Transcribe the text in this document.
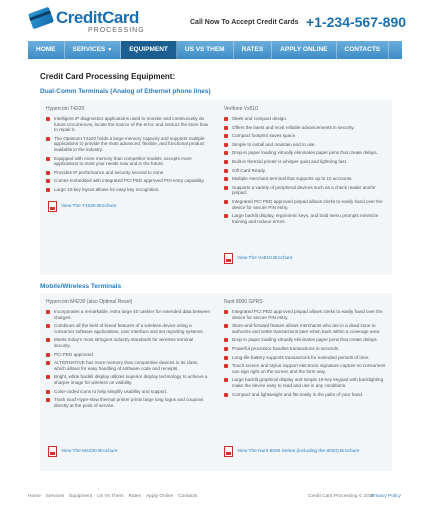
CreditCard
PROCESSING
Call Now To Accept Credit Cards +1-234-567-890
HOME	SERVICES ▼	EQUIPMENT	US VS THEM	RATES	APPLY ONLINE	CONTACTS
Credit Card Processing Equipment:
Dual-Comm Terminals (Analog of Ethernet phone lines)
Hypercom T4220
Intelligent IP diagnostics applications used to monitor and continuously do future occurrences, locate the source of the error, and instruct the store how to repair it.
The Optimum T4220 holds a large memory capacity and supports multiple applications to provide the most advanced, flexible, and functional product available in the industry.
Equipped with more memory than competitor models, accepts more applications to most your needs now and in the future.
Provides IP performance and security second to none.
Comes embedded with integrated PCI PED approved PIN entry capability.
Large 10-key layout allows for easy key recognition.
Verifone Vx510
Sleek and compact design.
Offers the latest and most reliable advancements in security.
Compact footprint saves space.
Simple to install and maintain and to use.
Drop-in paper loading virtually eliminates paper jams that create delays.
Built-in thermal printer is whisper quiet and lightning fast.
Gift Card Ready.
Multiple merchant terminal that supports up to 10 accounts.
Supports a variety of peripheral devices such as a check reader and/or pinpad.
Integrated PCI PED approved pinpad allows clerks to easily hand over the device for secure PIN entry.
Large backlit display, ergonomic keys, and bold menu prompts minimize training and reduce errors.
View The T4220 Brochure
View The Vx510 Brochure
Mobile/Wireless Terminals
Hypercom M4230 (also Optimal Reset)
Incorporates a remarkable, extra large 40 cashier for extended data between charges.
Combines all the best of breed features of a wireless device using a consumer software applications, user interface and set reporting systems.
Meets today's most stringent industry standards for wireless terminal security.
PCI PED approved.
ALTERNATIVE has more memory than competitive devices in its class, which allows for easy handling of software code and receipts.
Bright, white backlit display utilizes superior display technology to achieve a sharper image for wireless on visibility.
Color-coded icons to help simplify usability and support.
Track touch-type-slow thermal printer prints large long logos and coupons directly at the point of service.
Nurit 8000 GPRS
Integrated PCI PED approved pinpad allows clerks to easily hand over the device for secure PIN entry.
Store-and-forward feature allows merchants who are in a dead zone to authorize and settle transactions later when back within a coverage area.
Drop-in paper loading virtually eliminates paper jams that create delays.
Powerful processor handles transactions in seconds.
Long-life battery supports transactions for extended periods of time.
Touch screen and stylus support electronic signature capture so consumers can sign right on the screen and the form way.
Large backlit graphical display and simple 18-key keypad with backlighting make the device easy to read and use in any conditions.
Compact and lightweight and fits easily in the palm of your hand.
View The M4230 Brochure	View The Nurit 8000 Series (including the 8020) Brochure
Home Services Equipment Us Vs Them Rates Apply Online Contacts	Credit Card Processing © 2011
Privacy Policy
